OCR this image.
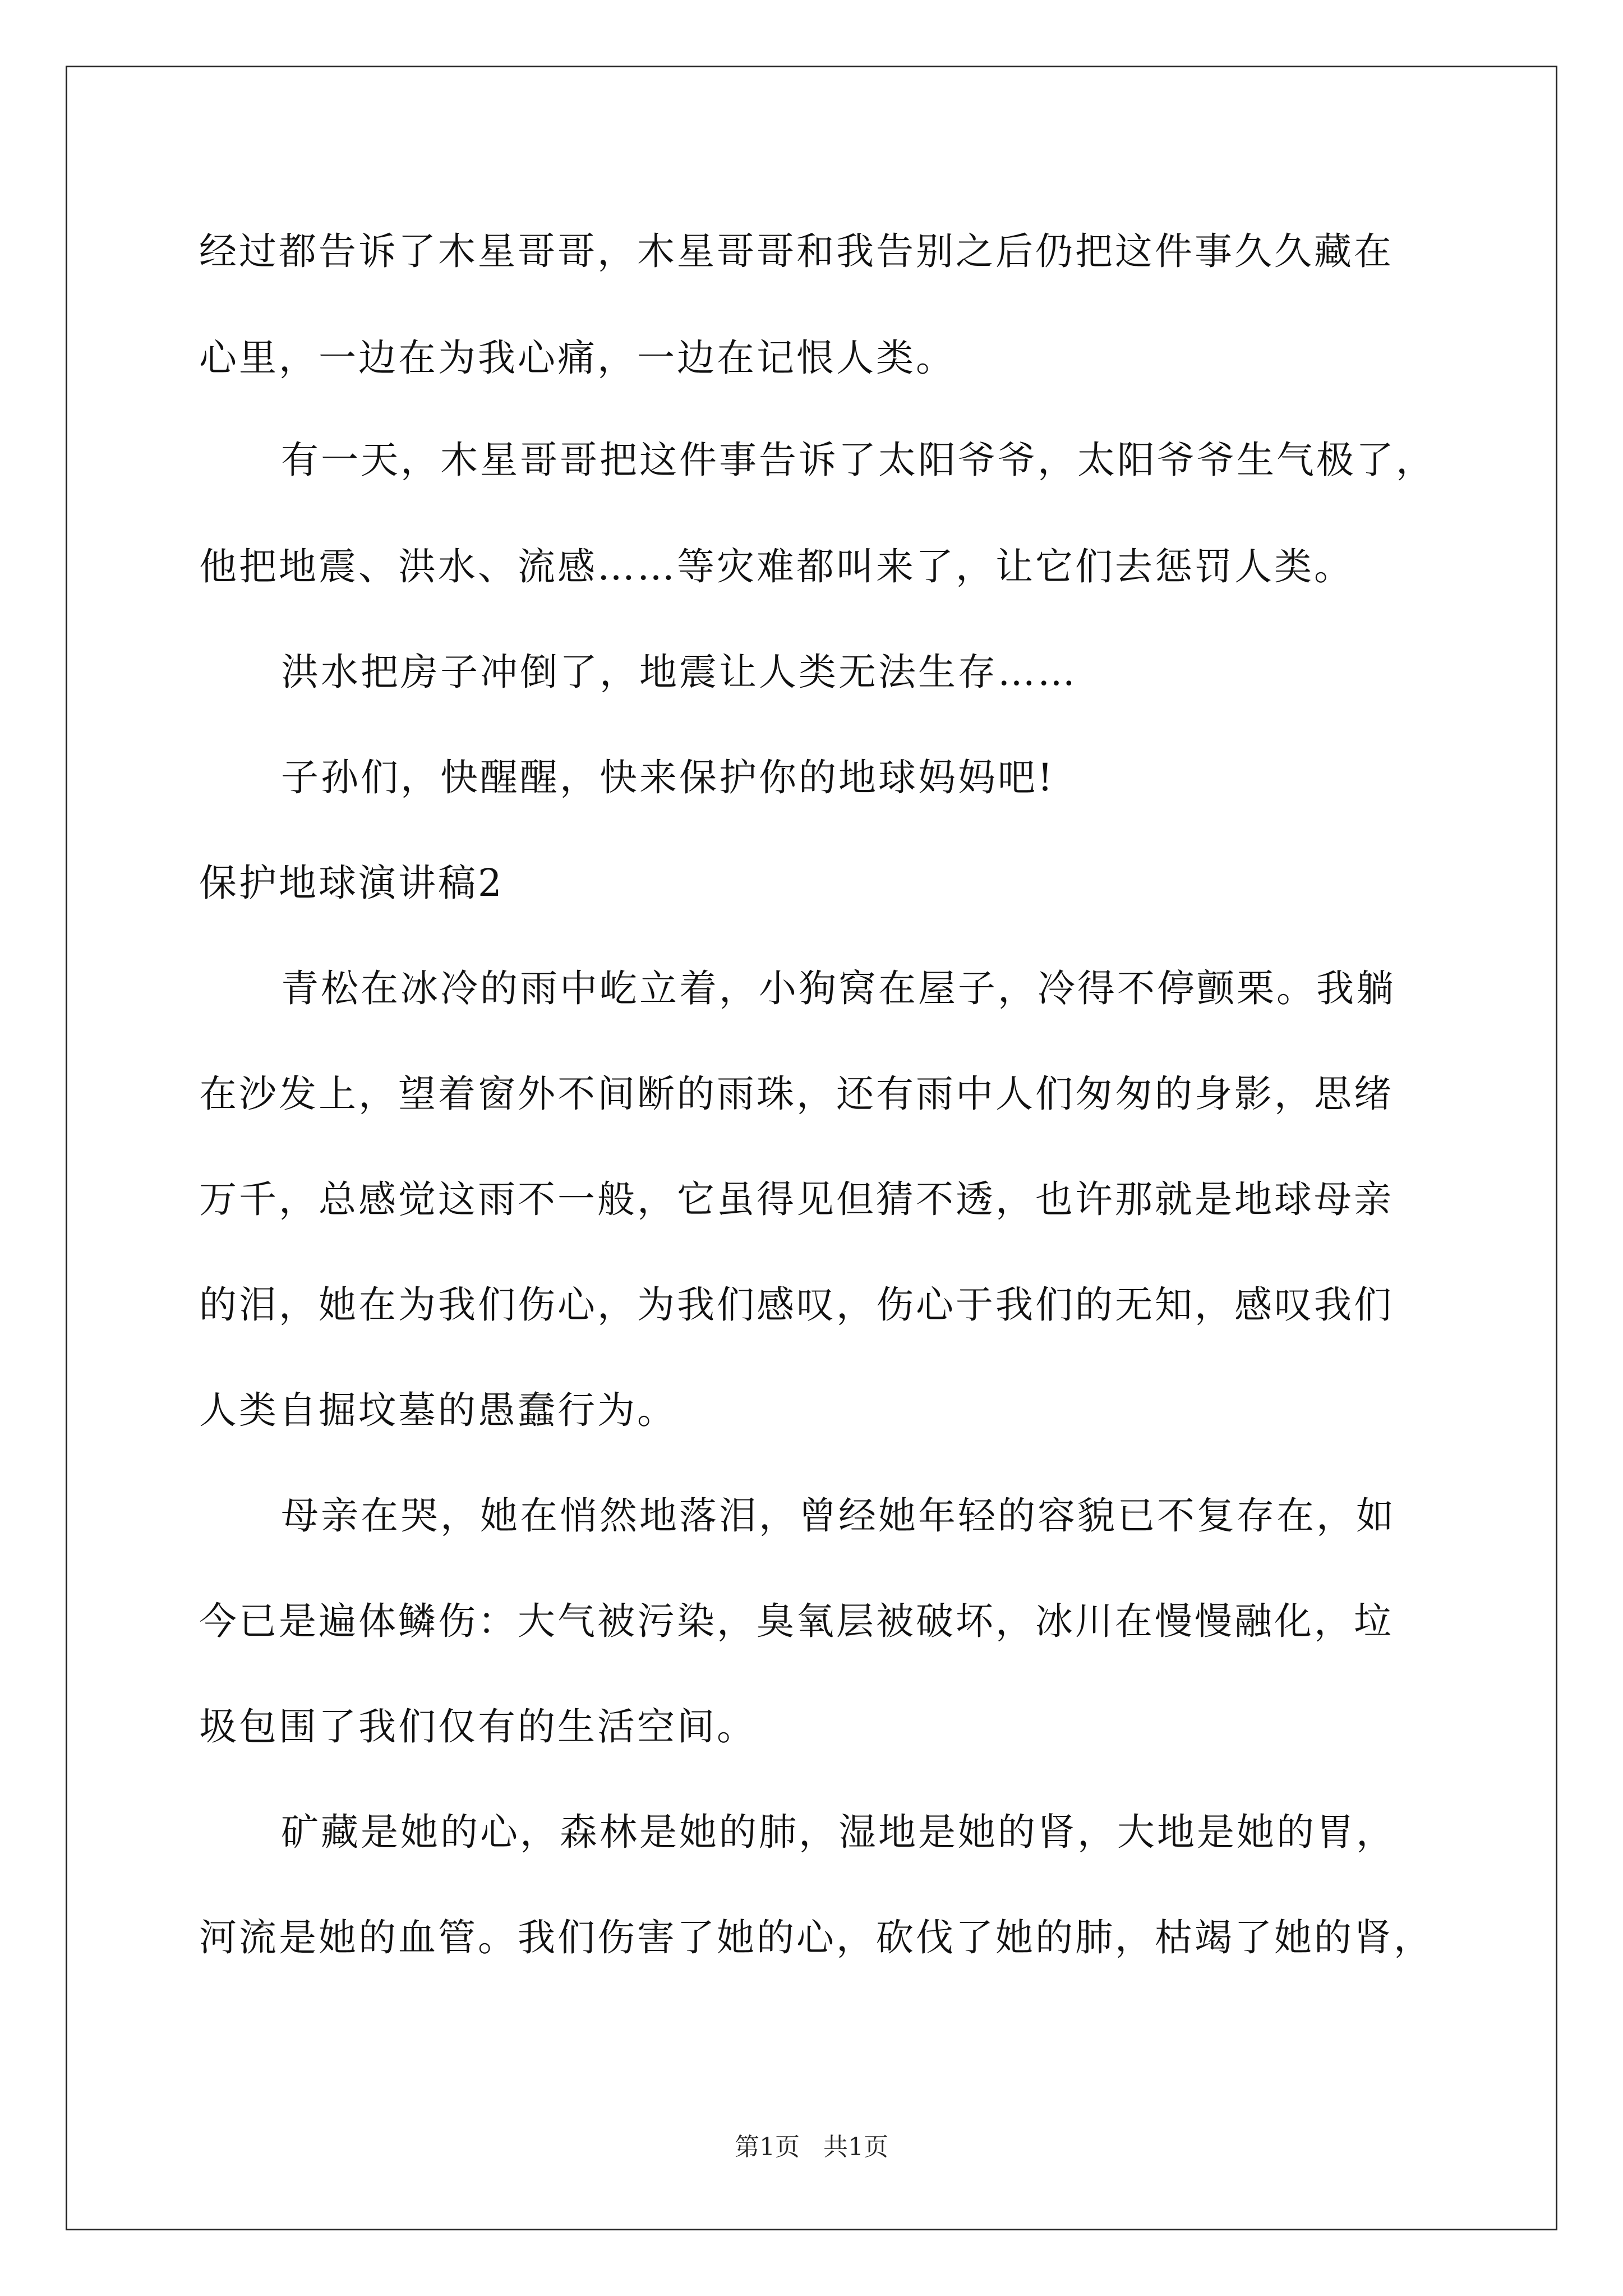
经过都告诉了木星哥哥，木星哥哥和我告别之后仍把这件事久久藏在
心里，一边在为我心痛，一边在记恨人类。
有一天，木星哥哥把这件事告诉了太阳爷爷，太阳爷爷生气极了，
他把地震、洪水、流感……等灾难都叫来了，让它们去惩罚人类。
洪水把房子冲倒了，地震让人类无法生存……
子孙们，快醒醒，快来保护你的地球妈妈吧!
保护地球演讲稿2
青松在冰冷的雨中屹立着，小狗窝在屋子，冷得不停颤栗。我躺
在沙发上，望着窗外不间断的雨珠，还有雨中人们匆匆的身影，思绪
万千，总感觉这雨不一般，它虽得见但猜不透，也许那就是地球母亲
的泪，她在为我们伤心，为我们感叹，伤心于我们的无知，感叹我们
人类自掘坟墓的愚蠢行为。
母亲在哭，她在悄然地落泪，曾经她年轻的容貌已不复存在，如
今已是遍体鳞伤：大气被污染，臭氧层被破坏，冰川在慢慢融化，垃
圾包围了我们仅有的生活空间。
矿藏是她的心，森林是她的肺，湿地是她的肾，大地是她的胃，
河流是她的血管。我们伤害了她的心，砍伐了她的肺，枯竭了她的肾，
第1页 共1页
